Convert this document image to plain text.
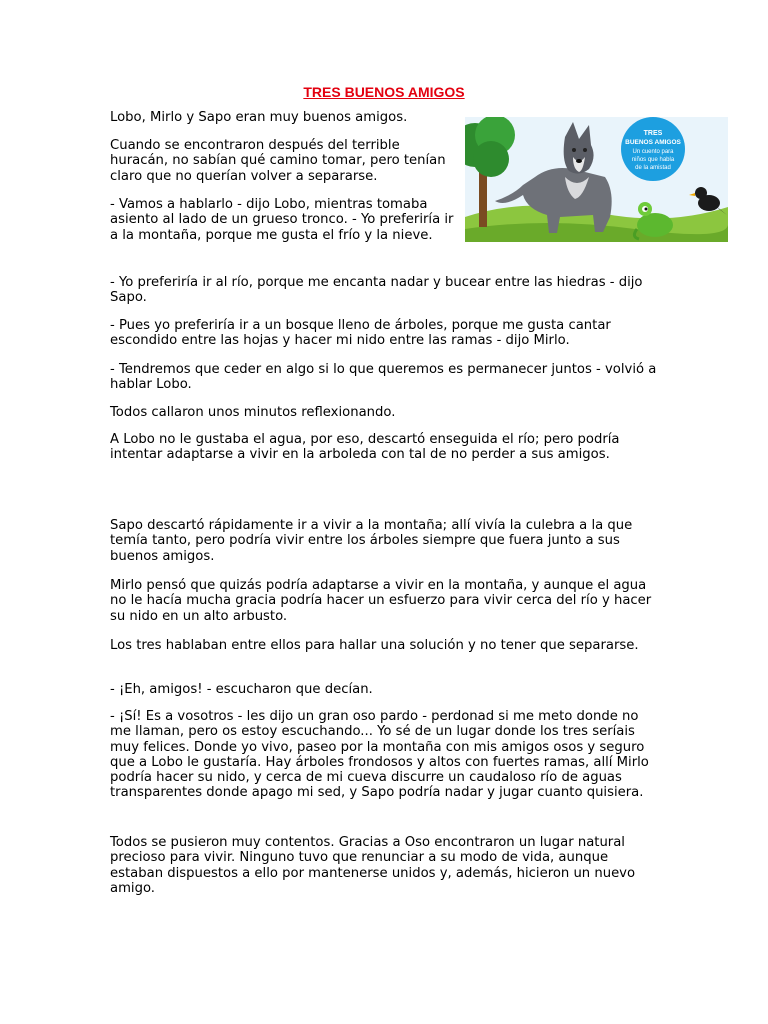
TRES BUENOS AMIGOS

Lobo, Mirlo y Sapo eran muy buenos amigos.

Cuando se encontraron después del terrible huracán, no sabían qué camino tomar, pero tenían claro que no querían volver a separarse.

- Vamos a hablarlo - dijo Lobo, mientras tomaba asiento al lado de un grueso tronco. - Yo preferiría ir a la montaña, porque me gusta el frío y la nieve.

- Yo preferiría ir al río, porque me encanta nadar y bucear entre las hiedras - dijo Sapo.

- Pues yo preferiría ir a un bosque lleno de árboles, porque me gusta cantar escondido entre las hojas y hacer mi nido entre las ramas - dijo Mirlo.

- Tendremos que ceder en algo si lo que queremos es permanecer juntos - volvió a hablar Lobo.

Todos callaron unos minutos reflexionando.

A Lobo no le gustaba el agua, por eso, descartó enseguida el río; pero podría intentar adaptarse a vivir en la arboleda con tal de no perder a sus amigos.

Sapo descartó rápidamente ir a vivir a la montaña; allí vivía la culebra a la que temía tanto, pero podría vivir entre los árboles siempre que fuera junto a sus buenos amigos.

Mirlo pensó que quizás podría adaptarse a vivir en la montaña, y aunque el agua no le hacía mucha gracia podría hacer un esfuerzo para vivir cerca del río y hacer su nido en un alto arbusto.

Los tres hablaban entre ellos para hallar una solución y no tener que separarse.

- ¡Eh, amigos! - escucharon que decían.

- ¡Sí! Es a vosotros - les dijo un gran oso pardo - perdonad si me meto donde no me llaman, pero os estoy escuchando... Yo sé de un lugar donde los tres seríais muy felices. Donde yo vivo, paseo por la montaña con mis amigos osos y seguro que a Lobo le gustaría. Hay árboles frondosos y altos con fuertes ramas, allí Mirlo podría hacer su nido, y cerca de mi cueva discurre un caudaloso río de aguas transparentes donde apago mi sed, y Sapo podría nadar y jugar cuanto quisiera.

Todos se pusieron muy contentos. Gracias a Oso encontraron un lugar natural precioso para vivir. Ninguno tuvo que renunciar a su modo de vida, aunque estaban dispuestos a ello por mantenerse unidos y, además, hicieron un nuevo amigo.

TRES
BUENOS AMIGOS
Un cuento para
niños que habla
de la amistad
